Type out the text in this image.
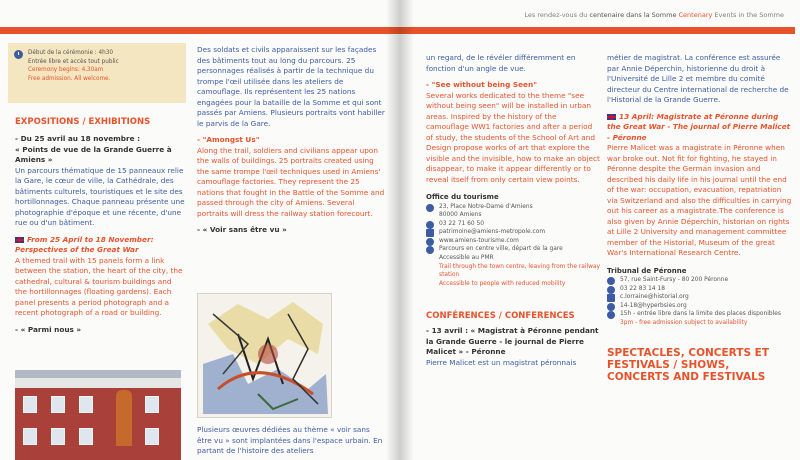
Début de la cérémonie : 4h30
Entrée libre et accès tout public
Ceremony begins: 4.30am
Free admission. All welcome.

EXPOSITIONS / EXHIBITIONS

- Du 25 avril au 18 novembre :

« Points de vue de la Grande Guerre à Amiens »

Un parcours thématique de 15 panneaux relie la Gare, le cœur de ville, la Cathédrale, des bâtiments culturels, touristiques et le site des hortillonnages. Chaque panneau présente une photographie d'époque et une récente, d'une rue ou d'un bâtiment.

From 25 April to 18 November: Perspectives of the Great War

A themed trail with 15 panels form a link between the station, the heart of the city, the cathedral, cultural & tourism buildings and the hortillonnages (floating gardens). Each panel presents a period photograph and a recent photograph of a road or building.

- « Parmi nous »

Des soldats et civils apparaissent sur les façades des bâtiments tout au long du parcours. 25 personnages réalisés à partir de la technique du trompe l'œil utilisée dans les ateliers de camouflage. Ils représentent les 25 nations engagées pour la bataille de la Somme et qui sont passés par Amiens. Plusieurs portraits vont habiller le parvis de la Gare.

- "Amongst Us"

Along the trail, soldiers and civilians appear upon the walls of buildings. 25 portraits created using the same trompe l'œil techniques used in Amiens' camouflage factories. They represent the 25 nations that fought in the Battle of the Somme and passed through the city of Amiens. Several portraits will dress the railway station forecourt.

- « Voir sans être vu »

Plusieurs œuvres dédiées au thème « voir sans être vu » sont implantées dans l'espace urbain. En partant de l'histoire des ateliers

Les rendez-vous du centenaire dans la Somme Centenary Events in the Somme

un regard, de le révéler différemment en fonction d'un angle de vue.

- "See without being Seen"

Several works dedicated to the theme "see without being seen" will be installed in urban areas. Inspired by the history of the camouflage WW1 factories and after a period of study, the students of the School of Art and Design propose works of art that explore the visible and the invisible, how to make an object disappear, to make it appear differently or to reveal itself from only certain view points.

Office du tourisme

23, Place Notre-Dame d'Amiens
80000 Amiens
03 22 71 60 50
patrimoine@amiens-metropole.com
www.amiens-tourisme.com
Parcours en centre ville, départ de la gare
Accessible au PMR
Trail through the town centre, leaving from the railway station
Accessible to people with reduced mobility

CONFÉRENCES / CONFERENCES

- 13 avril : « Magistrat à Péronne pendant la Grande Guerre - le journal de Pierre Malicet » - Péronne

Pierre Malicet est un magistrat péronnais

métier de magistrat. La conférence est assurée par Annie Déperchin, historienne du droit à l'Université de Lille 2 et membre du comité directeur du Centre international de recherche de l'Historial de la Grande Guerre.

13 April: Magistrate at Péronne during the Great War - The journal of Pierre Malicet - Péronne

Pierre Malicet was a magistrate in Péronne when war broke out. Not fit for fighting, he stayed in Péronne despite the German invasion and described his daily life in his journal until the end of the war: occupation, evacuation, repatriation via Switzerland and also the difficulties in carrying out his career as a magistrate.The conference is also given by Annie Déperchin, historian on rights at Lille 2 University and management committee member of the Historial, Museum of the great War's International Research Centre.

Tribunal de Péronne

57, rue Saint-Fursy - 80 200 Péronne
03 22 83 14 18
c.lorraine@historial.org
14-18@hyperbsies.org
15h - entrée libre dans la limite des places disponibles
3pm - free admission subject to availability

SPECTACLES, CONCERTS ET FESTIVALS / SHOWS, CONCERTS AND FESTIVALS
